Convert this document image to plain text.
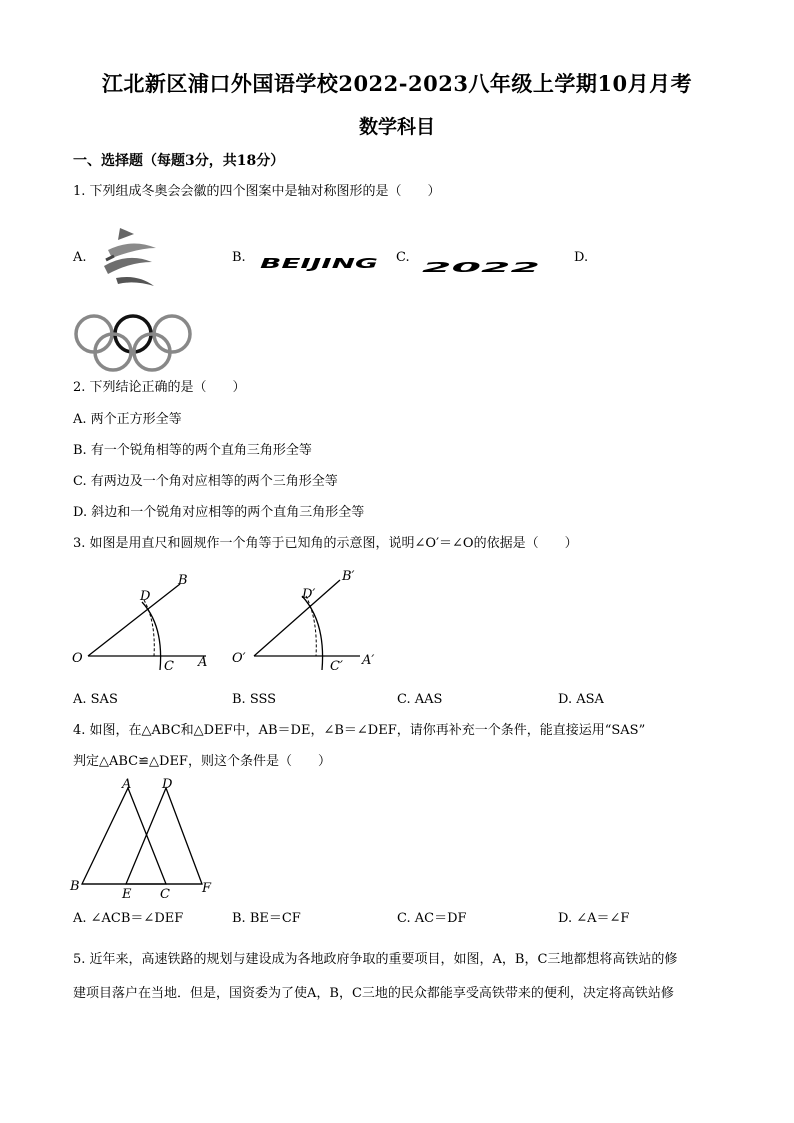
江北新区浦口外国语学校2022-2023八年级上学期10月月考
数学科目
一、选择题（每题3分，共18分）
1. 下列组成冬奥会会徽的四个图案中是轴对称图形的是（　　）
A.	B. BEIJING C.
2022
D.
2. 下列结论正确的是（　　）
A. 两个正方形全等
B. 有一个锐角相等的两个直角三角形全等
C. 有两边及一个角对应相等的两个三角形全等
D. 斜边和一个锐角对应相等的两个直角三角形全等
3. 如图是用直尺和圆规作一个角等于已知角的示意图，说明∠O′＝∠O的依据是（　　）
O	A
B
C
D
O′	A′
B′
C′
D′
A. SAS	B. SSS	C. AAS	D. ASA
4. 如图，在△ABC和△DEF中，AB＝DE，∠B＝∠DEF，请你再补充一个条件，能直接运用“SAS”
判定△ABC≌△DEF，则这个条件是（　　）
A
B
C
D
E	F
A. ∠ACB＝∠DEF	B. BE＝CF	C. AC＝DF	D. ∠A＝∠F
5. 近年来，高速铁路的规划与建设成为各地政府争取的重要项目，如图，A，B，C三地都想将高铁站的修
建项目落户在当地．但是，国资委为了使A，B，C三地的民众都能享受高铁带来的便利，决定将高铁站修
